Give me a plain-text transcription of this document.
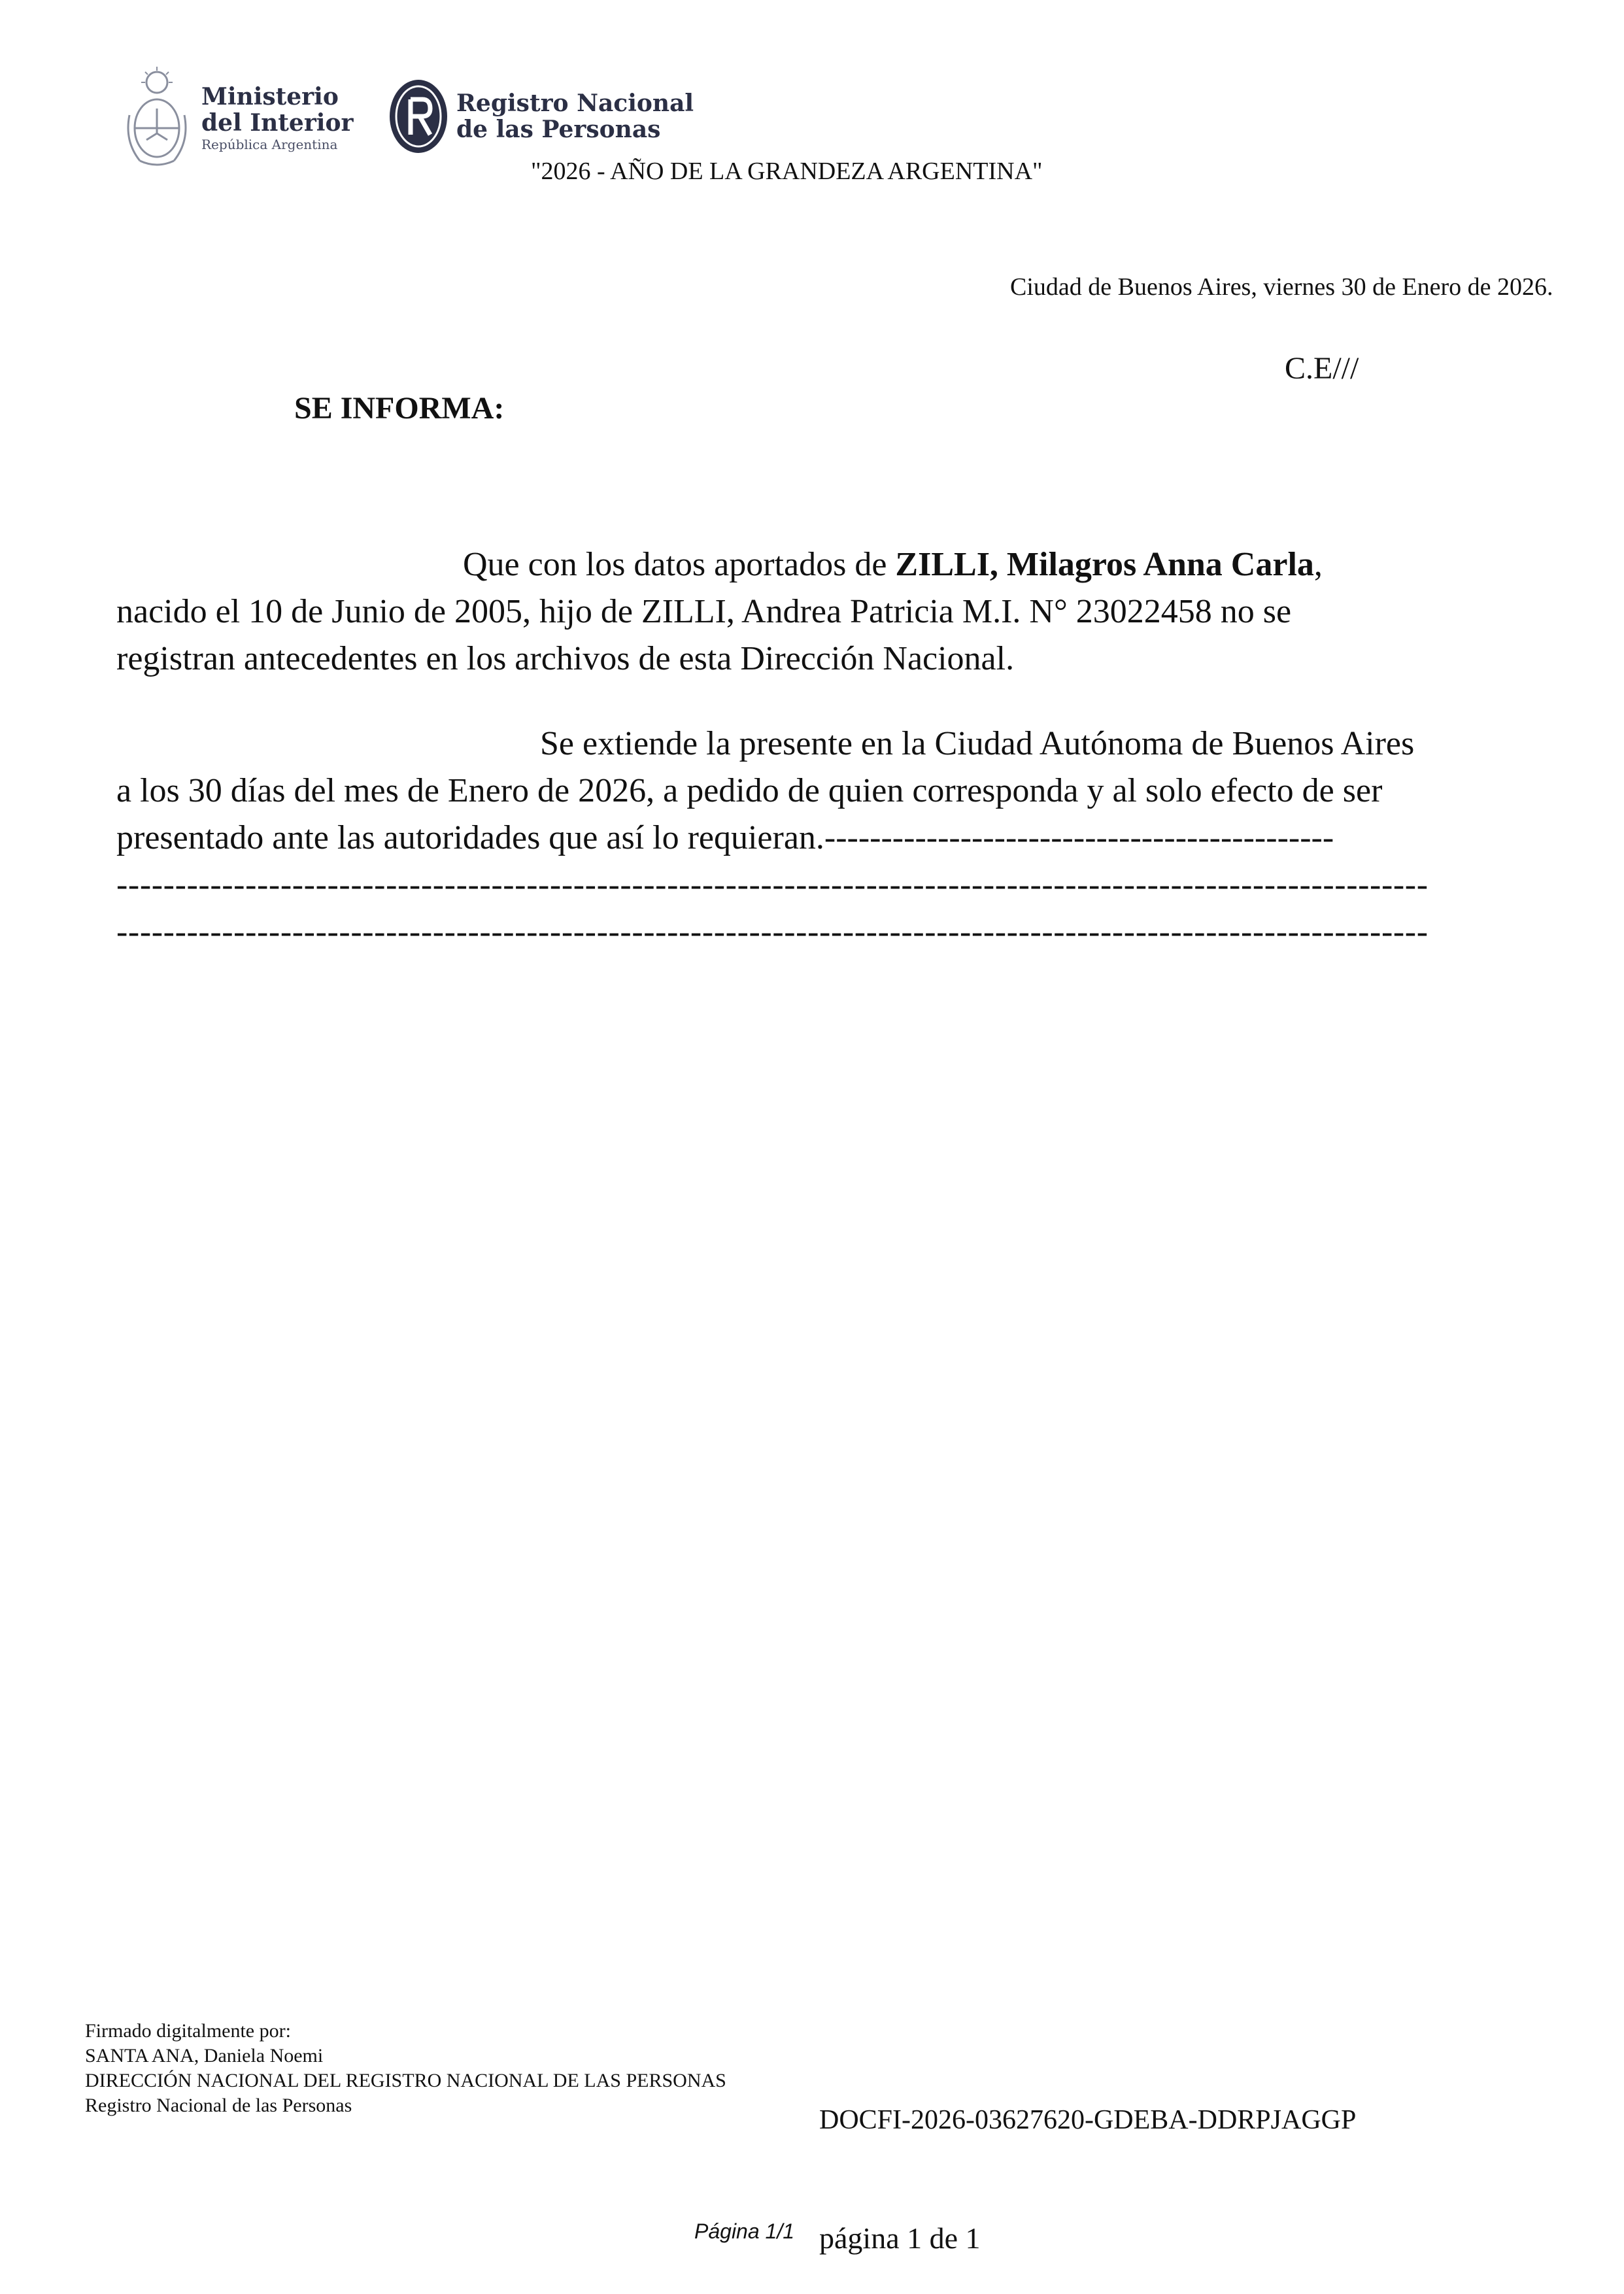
Ministerio
del Interior
República Argentina
Registro Nacional
de las Personas
"2026 - AÑO DE LA GRANDEZA ARGENTINA"
Ciudad de Buenos Aires, viernes 30 de Enero de 2026.
C.E///
SE INFORMA:
Que con los datos aportados de ZILLI, Milagros Anna Carla,
nacido el 10 de Junio de 2005, hijo de ZILLI, Andrea Patricia M.I. N° 23022458 no se
registran antecedentes en los archivos de esta Dirección Nacional.
Se extiende la presente en la Ciudad Autónoma de Buenos Aires
a los 30 días del mes de Enero de 2026, a pedido de quien corresponda y al solo efecto de ser
presentado ante las autoridades que así lo requieran.---------------------------------------------
----------------------------------------------------------------------------------------------------------------
----------------------------------------------------------------------------------------------------------------
Firmado digitalmente por:
SANTA ANA, Daniela Noemi
DIRECCIÓN NACIONAL DEL REGISTRO NACIONAL DE LAS PERSONAS
Registro Nacional de las Personas	DOCFI-2026-03627620-GDEBA-DDRPJAGGP
Página 1/1 página 1 de 1
